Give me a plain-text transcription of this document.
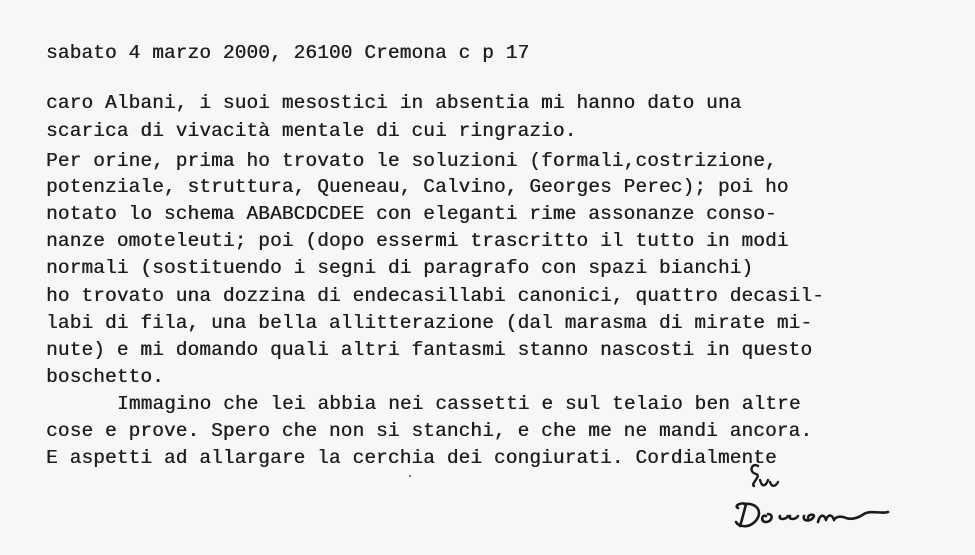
sabato 4 marzo 2000, 26100 Cremona c p 17
caro Albani, i suoi mesostici in absentia mi hanno dato una
scarica di vivacità mentale di cui ringrazio.
Per orine, prima ho trovato le soluzioni (formali,costrizione,
potenziale, struttura, Queneau, Calvino, Georges Perec); poi ho
notato lo schema ABABCDCDEE con eleganti rime assonanze conso-
nanze omoteleuti; poi (dopo essermi trascritto il tutto in modi
normali (sostituendo i segni di paragrafo con spazi bianchi)
ho trovato una dozzina di endecasillabi canonici, quattro decasil-
labi di fila, una bella allitterazione (dal marasma di mirate mi-
nute) e mi domando quali altri fantasmi stanno nascosti in questo
boschetto.
Immagino che lei abbia nei cassetti e sul telaio ben altre
cose e prove. Spero che non si stanchi, e che me ne mandi ancora.
E aspetti ad allargare la cerchia dei congiurati. Cordialmente
